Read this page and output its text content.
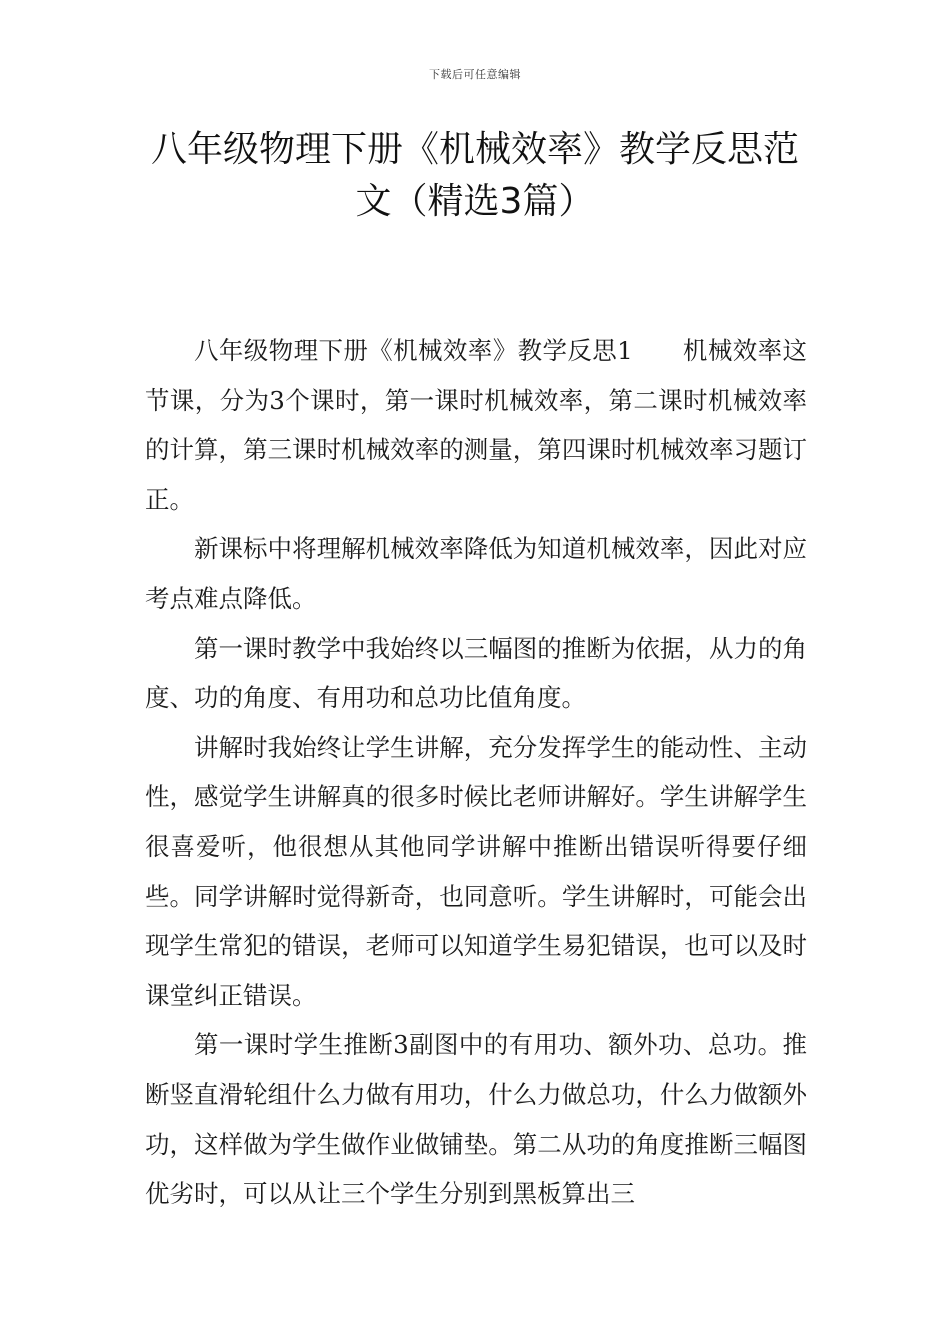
下载后可任意编辑
八年级物理下册《机械效率》教学反思范文（精选3篇）

八年级物理下册《机械效率》教学反思1　　机械效率这节课，分为3个课时，第一课时机械效率，第二课时机械效率的计算，第三课时机械效率的测量，第四课时机械效率习题订正。

新课标中将理解机械效率降低为知道机械效率，因此对应考点难点降低。

第一课时教学中我始终以三幅图的推断为依据，从力的角度、功的角度、有用功和总功比值角度。

讲解时我始终让学生讲解，充分发挥学生的能动性、主动性，感觉学生讲解真的很多时候比老师讲解好。学生讲解学生很喜爱听，他很想从其他同学讲解中推断出错误听得要仔细些。同学讲解时觉得新奇，也同意听。学生讲解时，可能会出现学生常犯的错误，老师可以知道学生易犯错误，也可以及时课堂纠正错误。

第一课时学生推断3副图中的有用功、额外功、总功。推断竖直滑轮组什么力做有用功，什么力做总功，什么力做额外功，这样做为学生做作业做铺垫。第二从功的角度推断三幅图优劣时，可以从让三个学生分别到黑板算出三
